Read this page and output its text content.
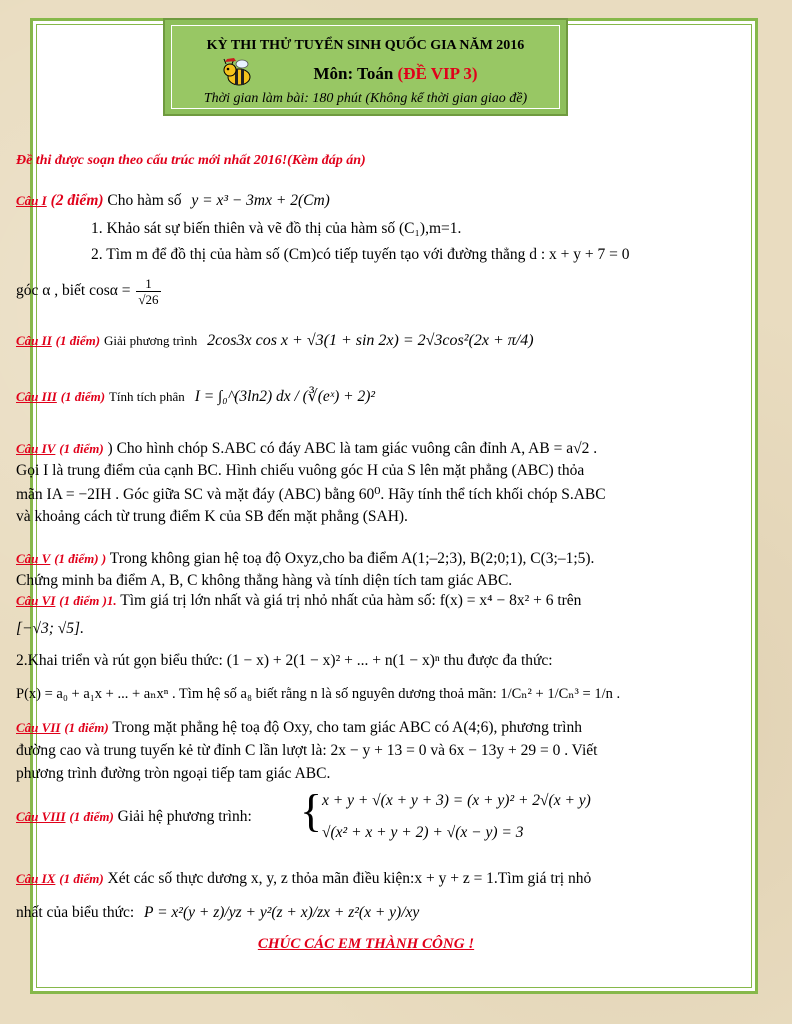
KỲ THI THỬ TUYỂN SINH QUỐC GIA NĂM 2016
Môn: Toán (ĐỀ VIP 3)
Thời gian làm bài: 180 phút (Không kể thời gian giao đề)
Đề thi được soạn theo cấu trúc mới nhất 2016!(Kèm đáp án)
Câu I (2 điểm) Cho hàm số y = x³ − 3mx + 2(Cm)
1. Khảo sát sự biến thiên và vẽ đồ thị của hàm số (C₁),m=1.
2. Tìm m để đồ thị của hàm số (Cm)có tiếp tuyến tạo với đường thẳng d : x + y + 7 = 0
góc α , biết $\cos\alpha = \frac{1}{√26}$
Câu II (1 điểm) Giải phương trình 2cos3x cos x + √3(1 + sin 2x) = 2√3cos²(2x + π/4)
Câu III (1 điểm) Tính tích phân I = ∫₀^(3ln2) dx / (∛(eˣ) + 2)²
Câu IV (1 điểm) ) Cho hình chóp S.ABC có đáy ABC là tam giác vuông cân đỉnh A, AB = a√2 .
Gọi I là trung điểm của cạnh BC. Hình chiếu vuông góc H của S lên mặt phẳng (ABC) thỏa
mãn IA = −2IH . Góc giữa SC và mặt đáy (ABC) bằng 60⁰. Hãy tính thể tích khối chóp S.ABC
và khoảng cách từ trung điểm K của SB đến mặt phẳng (SAH).
Câu V (1 điểm) ) Trong không gian hệ toạ độ Oxyz,cho ba điểm A(1;–2;3), B(2;0;1), C(3;–1;5).
Chứng minh ba điểm A, B, C không thẳng hàng và tính diện tích tam giác ABC.
Câu VI (1 điểm )1. Tìm giá trị lớn nhất và giá trị nhỏ nhất của hàm số: f(x) = x⁴ − 8x² + 6 trên
[−√3; √5].
2.Khai triển và rút gọn biểu thức: (1 − x) + 2(1 − x)² + ... + n(1 − x)ⁿ thu được đa thức:
P(x) = a₀ + a₁x + ... + aₙxⁿ . Tìm hệ số a₈ biết rằng n là số nguyên dương thoả mãn: 1/Cₙ² + 1/Cₙ³ = 1/n .
Câu VII (1 điểm) Trong mặt phẳng hệ toạ độ Oxy, cho tam giác ABC có A(4;6), phương trình
đường cao và trung tuyến kẻ từ đỉnh C lần lượt là: 2x − y + 13 = 0 và 6x − 13y + 29 = 0 . Viết
phương trình đường tròn ngoại tiếp tam giác ABC.
Câu VIII (1 điểm) Giải hệ phương trình: { x + y + √(x + y + 3) = (x + y)² + 2√(x + y)
√(x² + x + y + 2) + √(x − y) = 3
Câu IX (1 điểm) Xét các số thực dương x, y, z thỏa mãn điều kiện:x + y + z = 1.Tìm giá trị nhỏ
nhất của biểu thức: P = x²(y + z)/yz + y²(z + x)/zx + z²(x + y)/xy
CHÚC CÁC EM THÀNH CÔNG !
